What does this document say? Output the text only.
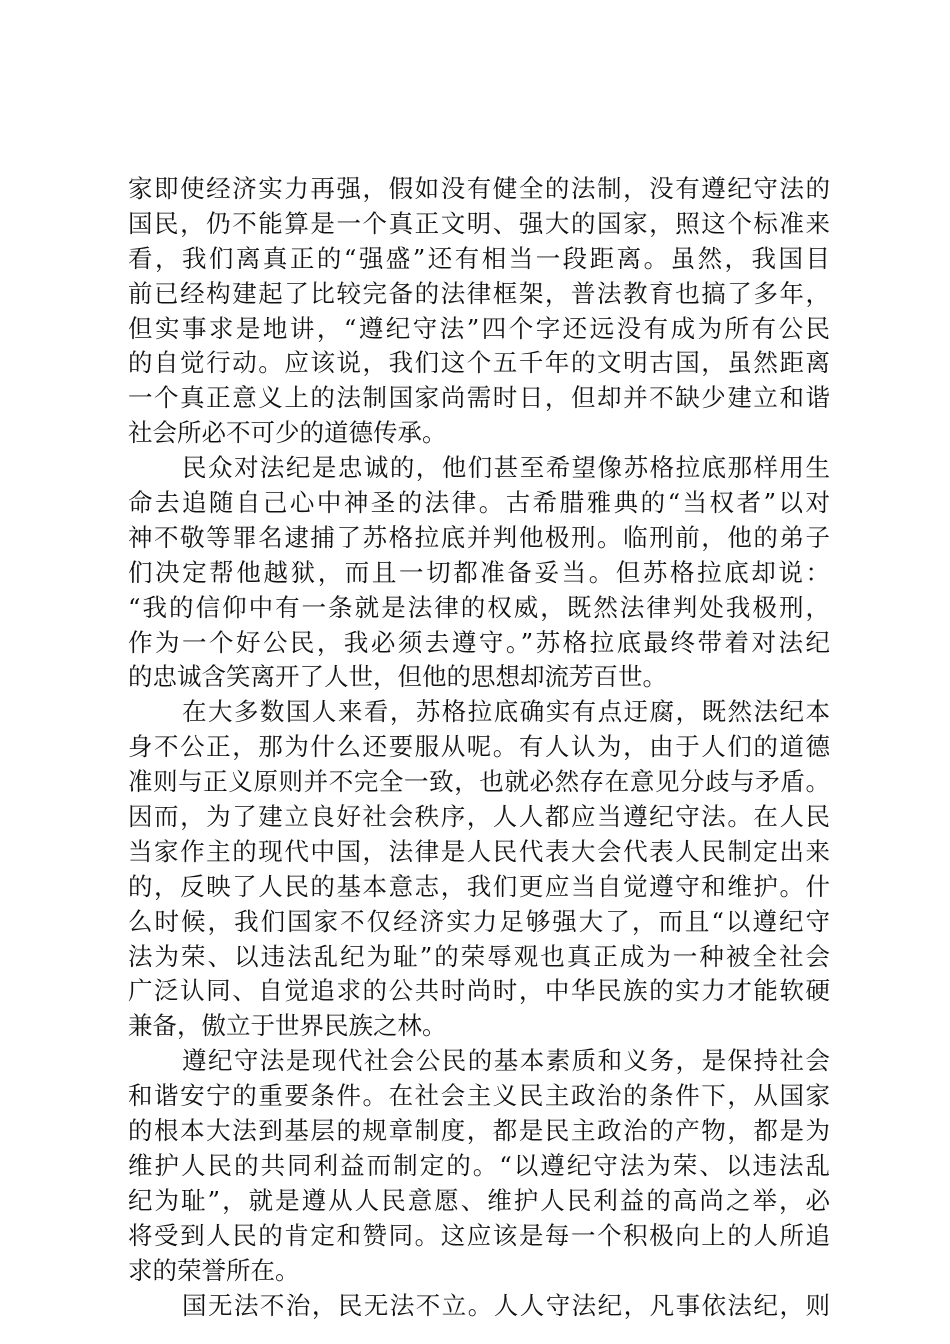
家即使经济实力再强，假如没有健全的法制，没有遵纪守法的
国民，仍不能算是一个真正文明、强大的国家，照这个标准来
看，我们离真正的“强盛”还有相当一段距离。虽然，我国目
前已经构建起了比较完备的法律框架，普法教育也搞了多年，
但实事求是地讲，“遵纪守法”四个字还远没有成为所有公民
的自觉行动。应该说，我们这个五千年的文明古国，虽然距离
一个真正意义上的法制国家尚需时日，但却并不缺少建立和谐
社会所必不可少的道德传承。
民众对法纪是忠诚的，他们甚至希望像苏格拉底那样用生
命去追随自己心中神圣的法律。古希腊雅典的“当权者”以对
神不敬等罪名逮捕了苏格拉底并判他极刑。临刑前，他的弟子
们决定帮他越狱，而且一切都准备妥当。但苏格拉底却说：
“我的信仰中有一条就是法律的权威，既然法律判处我极刑，
作为一个好公民，我必须去遵守。”苏格拉底最终带着对法纪
的忠诚含笑离开了人世，但他的思想却流芳百世。
在大多数国人来看，苏格拉底确实有点迂腐，既然法纪本
身不公正，那为什么还要服从呢。有人认为，由于人们的道德
准则与正义原则并不完全一致，也就必然存在意见分歧与矛盾。
因而，为了建立良好社会秩序，人人都应当遵纪守法。在人民
当家作主的现代中国，法律是人民代表大会代表人民制定出来
的，反映了人民的基本意志，我们更应当自觉遵守和维护。什
么时候，我们国家不仅经济实力足够强大了，而且“以遵纪守
法为荣、以违法乱纪为耻”的荣辱观也真正成为一种被全社会
广泛认同、自觉追求的公共时尚时，中华民族的实力才能软硬
兼备，傲立于世界民族之林。
遵纪守法是现代社会公民的基本素质和义务，是保持社会
和谐安宁的重要条件。在社会主义民主政治的条件下，从国家
的根本大法到基层的规章制度，都是民主政治的产物，都是为
维护人民的共同利益而制定的。“以遵纪守法为荣、以违法乱
纪为耻”，就是遵从人民意愿、维护人民利益的高尚之举，必
将受到人民的肯定和赞同。这应该是每一个积极向上的人所追
求的荣誉所在。
国无法不治，民无法不立。人人守法纪，凡事依法纪，则
